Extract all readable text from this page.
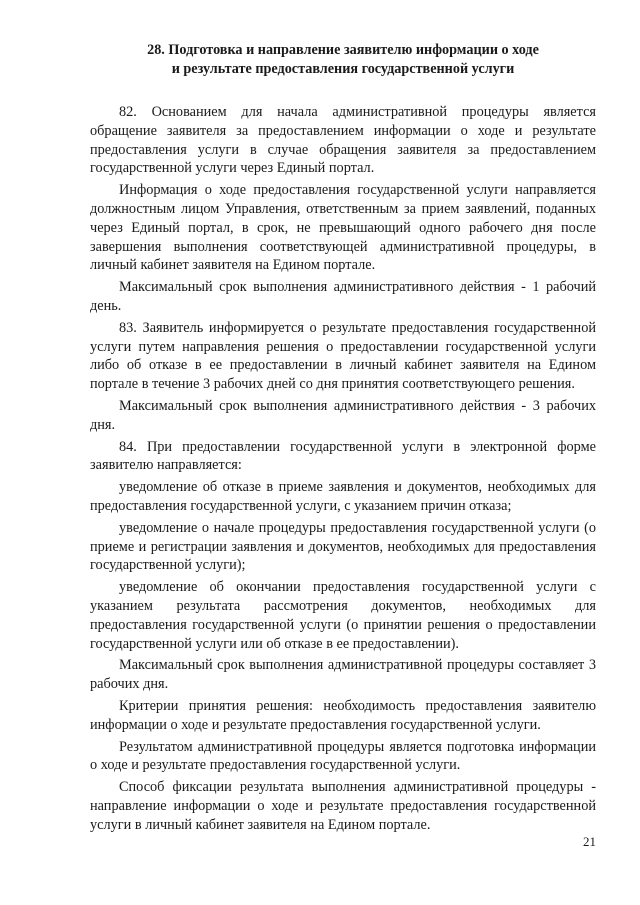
28. Подготовка и направление заявителю информации о ходе
и результате предоставления государственной услуги

82. Основанием для начала административной процедуры является обращение заявителя за предоставлением информации о ходе и результате предоставления услуги в случае обращения заявителя за предоставлением государственной услуги через Единый портал.

Информация о ходе предоставления государственной услуги направляется должностным лицом Управления, ответственным за прием заявлений, поданных через Единый портал, в срок, не превышающий одного рабочего дня после завершения выполнения соответствующей административной процедуры, в личный кабинет заявителя на Едином портале.

Максимальный срок выполнения административного действия - 1 рабочий день.

83. Заявитель информируется о результате предоставления государственной услуги путем направления решения о предоставлении государственной услуги либо об отказе в ее предоставлении в личный кабинет заявителя на Едином портале в течение 3 рабочих дней со дня принятия соответствующего решения.

Максимальный срок выполнения административного действия - 3 рабочих дня.

84. При предоставлении государственной услуги в электронной форме заявителю направляется:

уведомление об отказе в приеме заявления и документов, необходимых для предоставления государственной услуги, с указанием причин отказа;

уведомление о начале процедуры предоставления государственной услуги (о приеме и регистрации заявления и документов, необходимых для предоставления государственной услуги);

уведомление об окончании предоставления государственной услуги с указанием результата рассмотрения документов, необходимых для предоставления государственной услуги (о принятии решения о предоставлении государственной услуги или об отказе в ее предоставлении).

Максимальный срок выполнения административной процедуры составляет 3 рабочих дня.

Критерии принятия решения: необходимость предоставления заявителю информации о ходе и результате предоставления государственной услуги.

Результатом административной процедуры является подготовка информации о ходе и результате предоставления государственной услуги.

Способ фиксации результата выполнения административной процедуры - направление информации о ходе и результате предоставления государственной услуги в личный кабинет заявителя на Едином портале.

21
